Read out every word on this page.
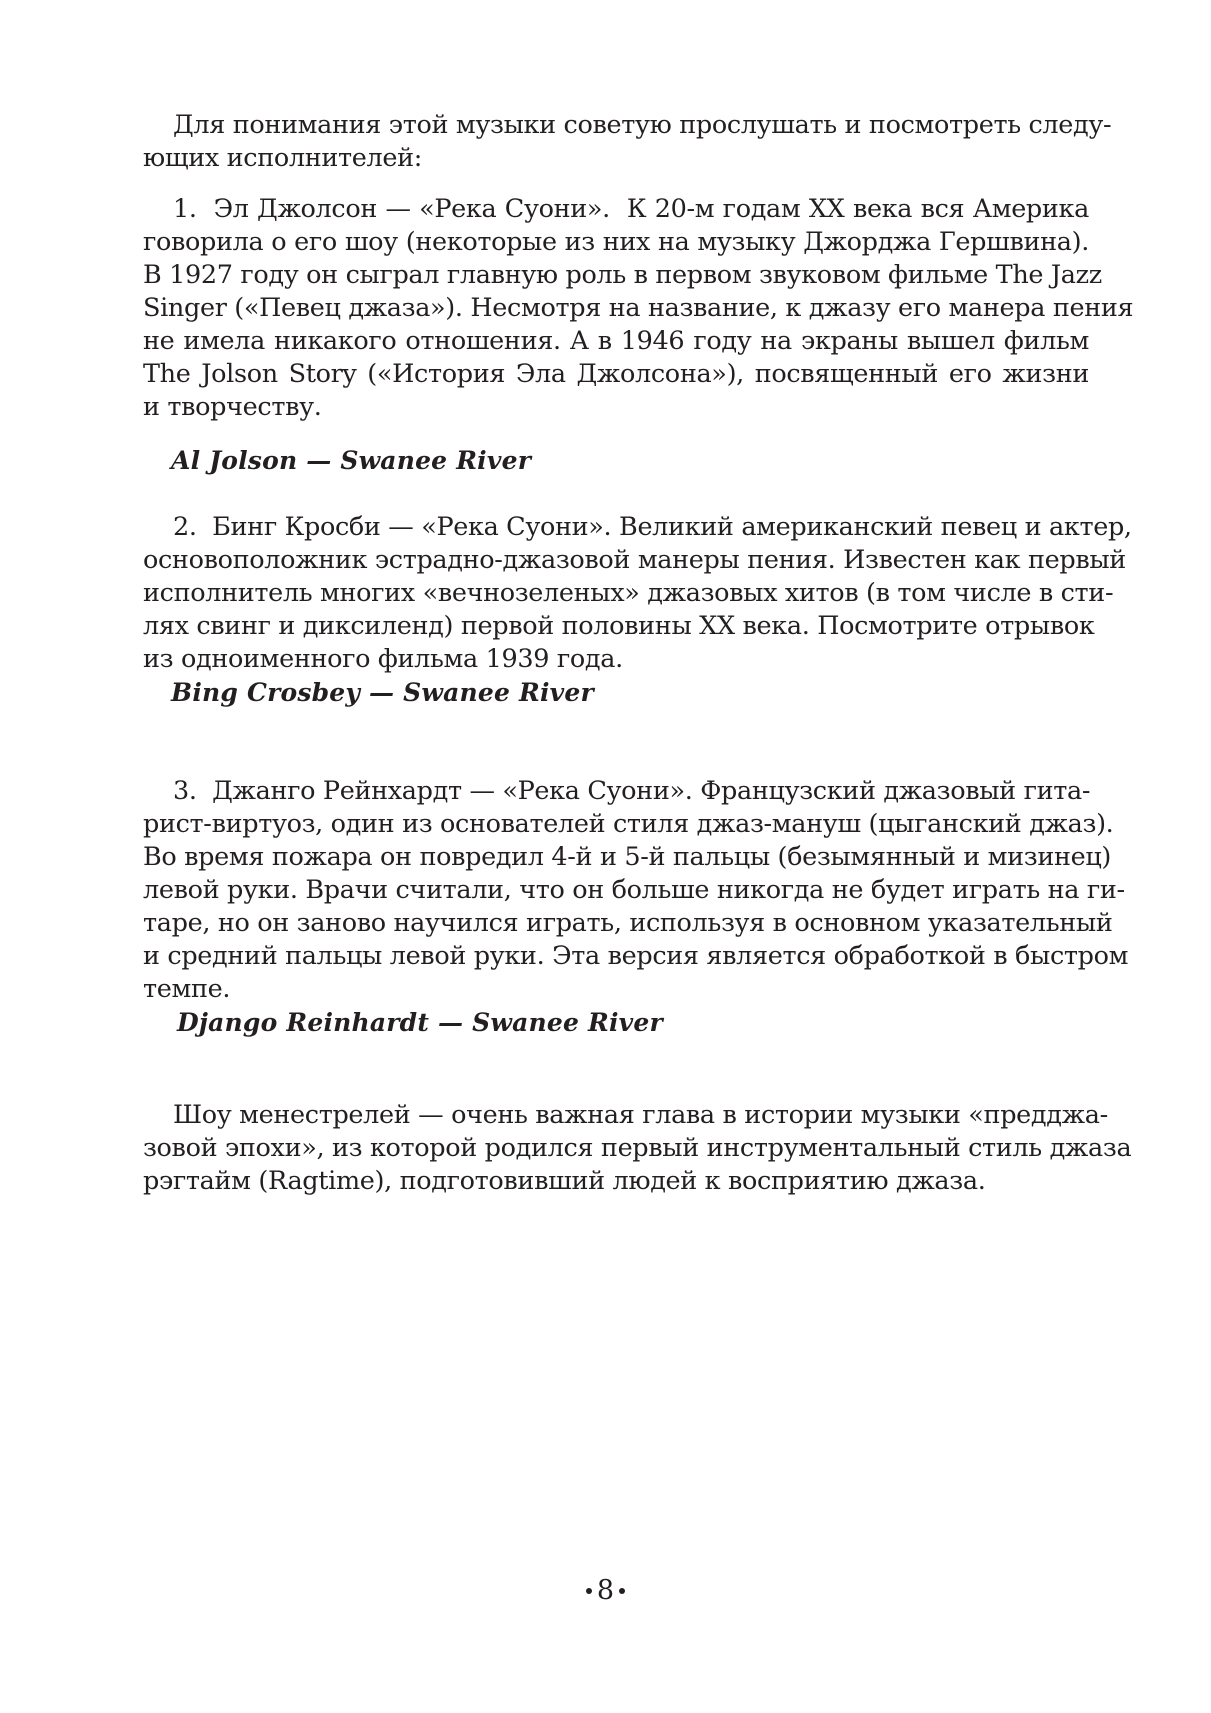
Для понимания этой музыки советую прослушать и посмотреть следу-
ющих исполнителей:
1.  Эл Джолсон — «Река Суони».  К 20-м годам XX века вся Америка
говорила о его шоу (некоторые из них на музыку Джорджа Гершвина).
В 1927 году он сыграл главную роль в первом звуковом фильме The Jazz
Singer («Певец джаза»). Несмотря на название, к джазу его манера пения
не имела никакого отношения. А в 1946 году на экраны вышел фильм
The Jolson Story («История Эла Джолсона»), посвященный его жизни
и творчеству.
Al Jolson — Swanee River
2.  Бинг Кросби — «Река Суони». Великий американский певец и актер,
основоположник эстрадно-джазовой манеры пения. Известен как первый
исполнитель многих «вечнозеленых» джазовых хитов (в том числе в сти-
лях свинг и диксиленд) первой половины XX века. Посмотрите отрывок
из одноименного фильма 1939 года.
Bing Crosbey — Swanee River
3.  Джанго Рейнхардт — «Река Суони». Французский джазовый гита-
рист-виртуоз, один из основателей стиля джаз-мануш (цыганский джаз).
Во время пожара он повредил 4-й и 5-й пальцы (безымянный и мизинец)
левой руки. Врачи считали, что он больше никогда не будет играть на ги-
таре, но он заново научился играть, используя в основном указательный
и средний пальцы левой руки. Эта версия является обработкой в быстром
темпе.
Django Reinhardt — Swanee River
Шоу менестрелей — очень важная глава в истории музыки «предджа-
зовой эпохи», из которой родился первый инструментальный стиль джаза
рэгтайм (Ragtime), подготовивший людей к восприятию джаза.
8
